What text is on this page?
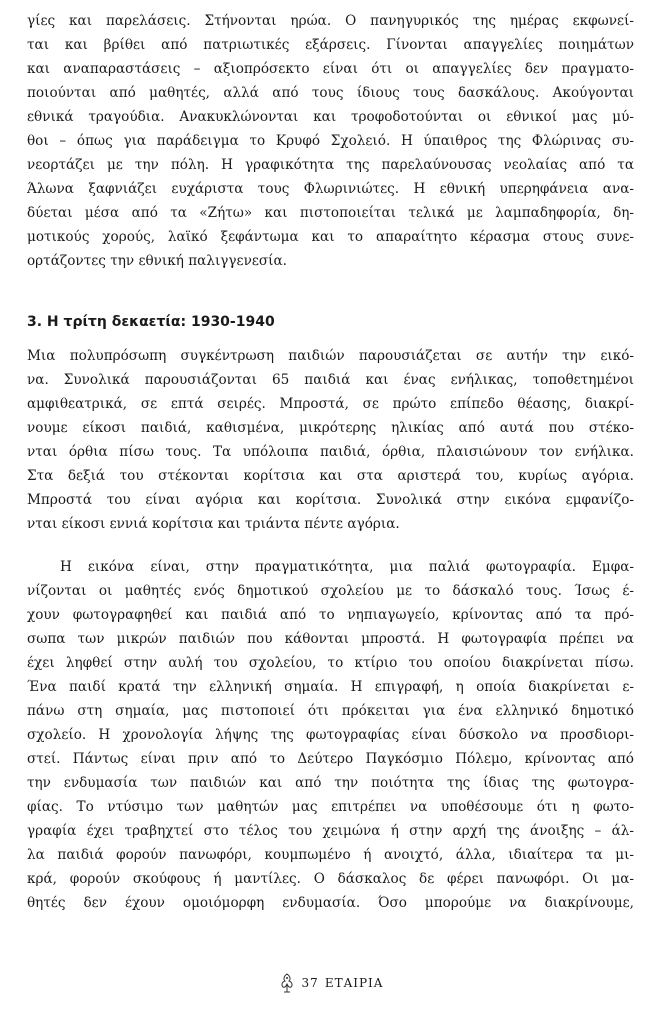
γίες και παρελάσεις. Στήνονται ηρώα. Ο πανηγυρικός της ημέρας εκφωνεί-
ται και βρίθει από πατριωτικές εξάρσεις. Γίνονται απαγγελίες ποιημάτων
και αναπαραστάσεις – αξιοπρόσεκτο είναι ότι οι απαγγελίες δεν πραγματο-
ποιούνται από μαθητές, αλλά από τους ίδιους τους δασκάλους. Ακούγονται
εθνικά τραγούδια. Ανακυκλώνονται και τροφοδοτούνται οι εθνικοί μας μύ-
θοι – όπως για παράδειγμα το Κρυφό Σχολειό. Η ύπαιθρος της Φλώρινας συ-
νεορτάζει με την πόλη. Η γραφικότητα της παρελαύνουσας νεολαίας από τα
Άλωνα ξαφνιάζει ευχάριστα τους Φλωρινιώτες. Η εθνική υπερηφάνεια ανα-
δύεται μέσα από τα «Ζήτω» και πιστοποιείται τελικά με λαμπαδηφορία, δη-
μοτικούς χορούς, λαϊκό ξεφάντωμα και το απαραίτητο κέρασμα στους συνε-
ορτάζοντες την εθνική παλιγγενεσία.
3. Η τρίτη δεκαετία: 1930-1940
Μια πολυπρόσωπη συγκέντρωση παιδιών παρουσιάζεται σε αυτήν την εικό-
να. Συνολικά παρουσιάζονται 65 παιδιά και ένας ενήλικας, τοποθετημένοι
αμφιθεατρικά, σε επτά σειρές. Μπροστά, σε πρώτο επίπεδο θέασης, διακρί-
νουμε είκοσι παιδιά, καθισμένα, μικρότερης ηλικίας από αυτά που στέκο-
νται όρθια πίσω τους. Τα υπόλοιπα παιδιά, όρθια, πλαισιώνουν τον ενήλικα.
Στα δεξιά του στέκονται κορίτσια και στα αριστερά του, κυρίως αγόρια.
Μπροστά του είναι αγόρια και κορίτσια. Συνολικά στην εικόνα εμφανίζο-
νται είκοσι εννιά κορίτσια και τριάντα πέντε αγόρια.
Η εικόνα είναι, στην πραγματικότητα, μια παλιά φωτογραφία. Εμφα-
νίζονται οι μαθητές ενός δημοτικού σχολείου με το δάσκαλό τους. Ίσως έ-
χουν φωτογραφηθεί και παιδιά από το νηπιαγωγείο, κρίνοντας από τα πρό-
σωπα των μικρών παιδιών που κάθονται μπροστά. Η φωτογραφία πρέπει να
έχει ληφθεί στην αυλή του σχολείου, το κτίριο του οποίου διακρίνεται πίσω.
Ένα παιδί κρατά την ελληνική σημαία. Η επιγραφή, η οποία διακρίνεται ε-
πάνω στη σημαία, μας πιστοποιεί ότι πρόκειται για ένα ελληνικό δημοτικό
σχολείο. Η χρονολογία λήψης της φωτογραφίας είναι δύσκολο να προσδιορι-
στεί. Πάντως είναι πριν από το Δεύτερο Παγκόσμιο Πόλεμο, κρίνοντας από
την ενδυμασία των παιδιών και από την ποιότητα της ίδιας της φωτογρα-
φίας. Το ντύσιμο των μαθητών μας επιτρέπει να υποθέσουμε ότι η φωτο-
γραφία έχει τραβηχτεί στο τέλος του χειμώνα ή στην αρχή της άνοιξης – άλ-
λα παιδιά φορούν πανωφόρι, κουμπωμένο ή ανοιχτό, άλλα, ιδιαίτερα τα μι-
κρά, φορούν σκούφους ή μαντίλες. Ο δάσκαλος δε φέρει πανωφόρι. Οι μα-
θητές δεν έχουν ομοιόμορφη ενδυμασία. Όσο μπορούμε να διακρίνουμε,
37 ΕΤΑΙΡΙΑ
